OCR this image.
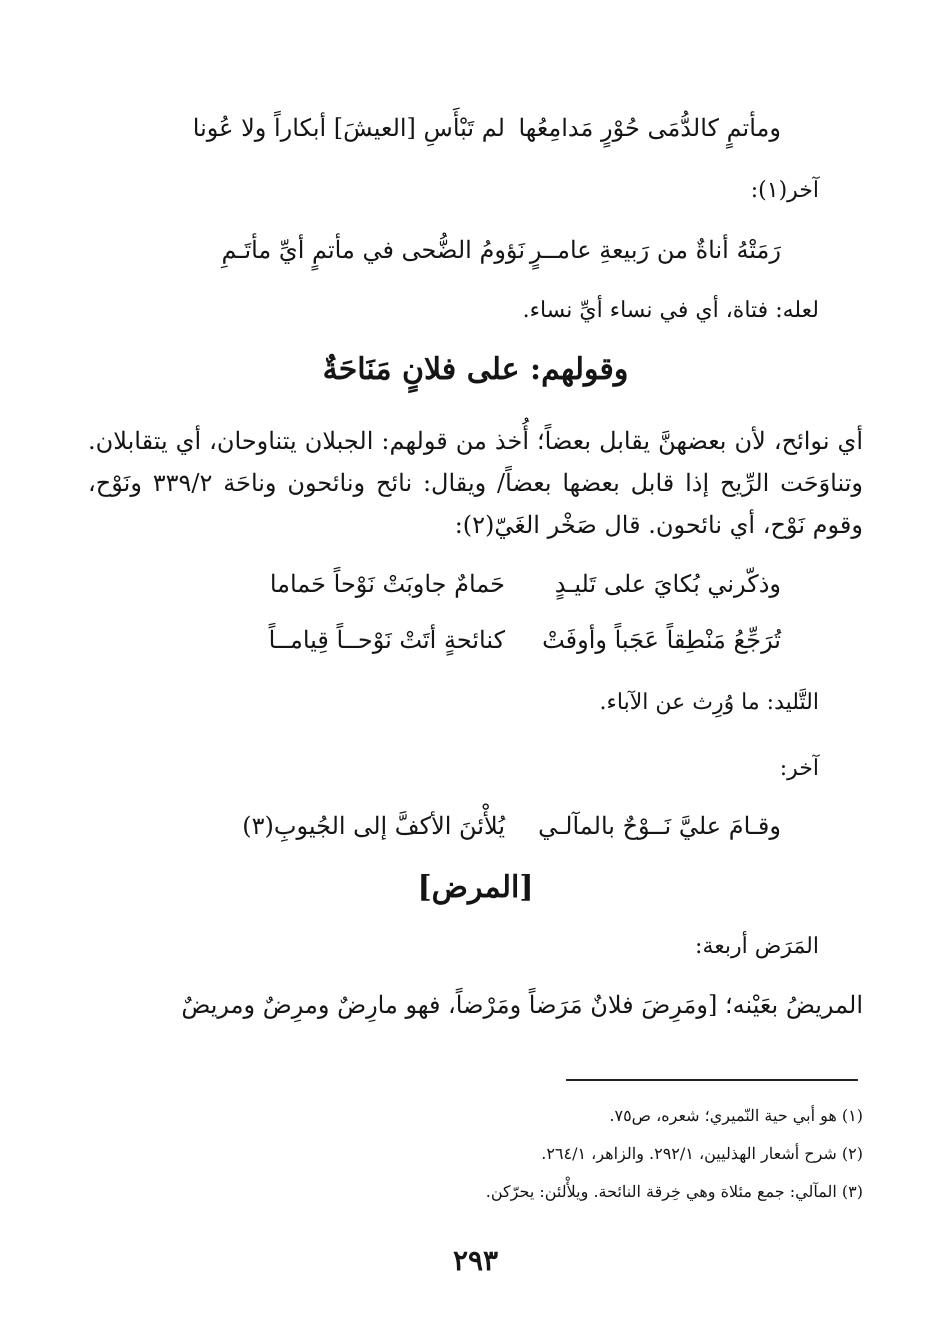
ومأتمٍ كالدُّمَى حُوْرٍ مَدامِعُها
لم تَبْأَسِ [العيشَ] أبكاراً ولا عُونا
آخر(١):
رَمَتْهُ أناةٌ من رَبيعةِ عامــرٍ
نَؤومُ الضُّحى في مأتمٍ أيِّ مأتَـمِ
لعله: فتاة، أي في نساء أيِّ نساء.
وقولهم: على فلانٍ مَنَاحَةٌ
أي نوائح، لأن بعضهنَّ يقابل بعضاً؛ أُخذ من قولهم: الجبلان يتناوحان، أي يتقابلان. وتناوَحَت الرِّيح إذا قابل بعضها بعضاً/ ويقال: نائح ونائحون وناحَة ٣٣٩/٢ ونَوْح، وقوم نَوْح، أي نائحون. قال صَخْر الغَيّ(٢):
وذكّرني بُكايَ على تَليـدٍ
حَمامٌ جاوبَتْ نَوْحاً حَماما
تُرَجِّعُ مَنْطِقاً عَجَباً وأوفَتْ
كنائحةٍ أتَتْ نَوْحــاً قِيامــاً
التَّليد: ما وُرِث عن الآباء.
آخر:
وقـامَ عليَّ نَــوْحٌ بالمآلـي
يُلأْئنَ الأكفَّ إلى الجُيوبِ(٣)
[المرض]
المَرَض أربعة:
المريضُ بعَيْنه؛ [ومَرِضَ فلانٌ مَرَضاً ومَرْضاً، فهو مارِضٌ ومرِضٌ ومريضٌ
(١) هو أبي حية النّميري؛ شعره، ص٧٥.
(٢) شرح أشعار الهذليين، ٢٩٢/١. والزاهر، ٢٦٤/١.
(٣) المآلي: جمع مئلاة وهي خِرقة النائحة. ويلأْلئن: يحرّكن.
٢٩٣
